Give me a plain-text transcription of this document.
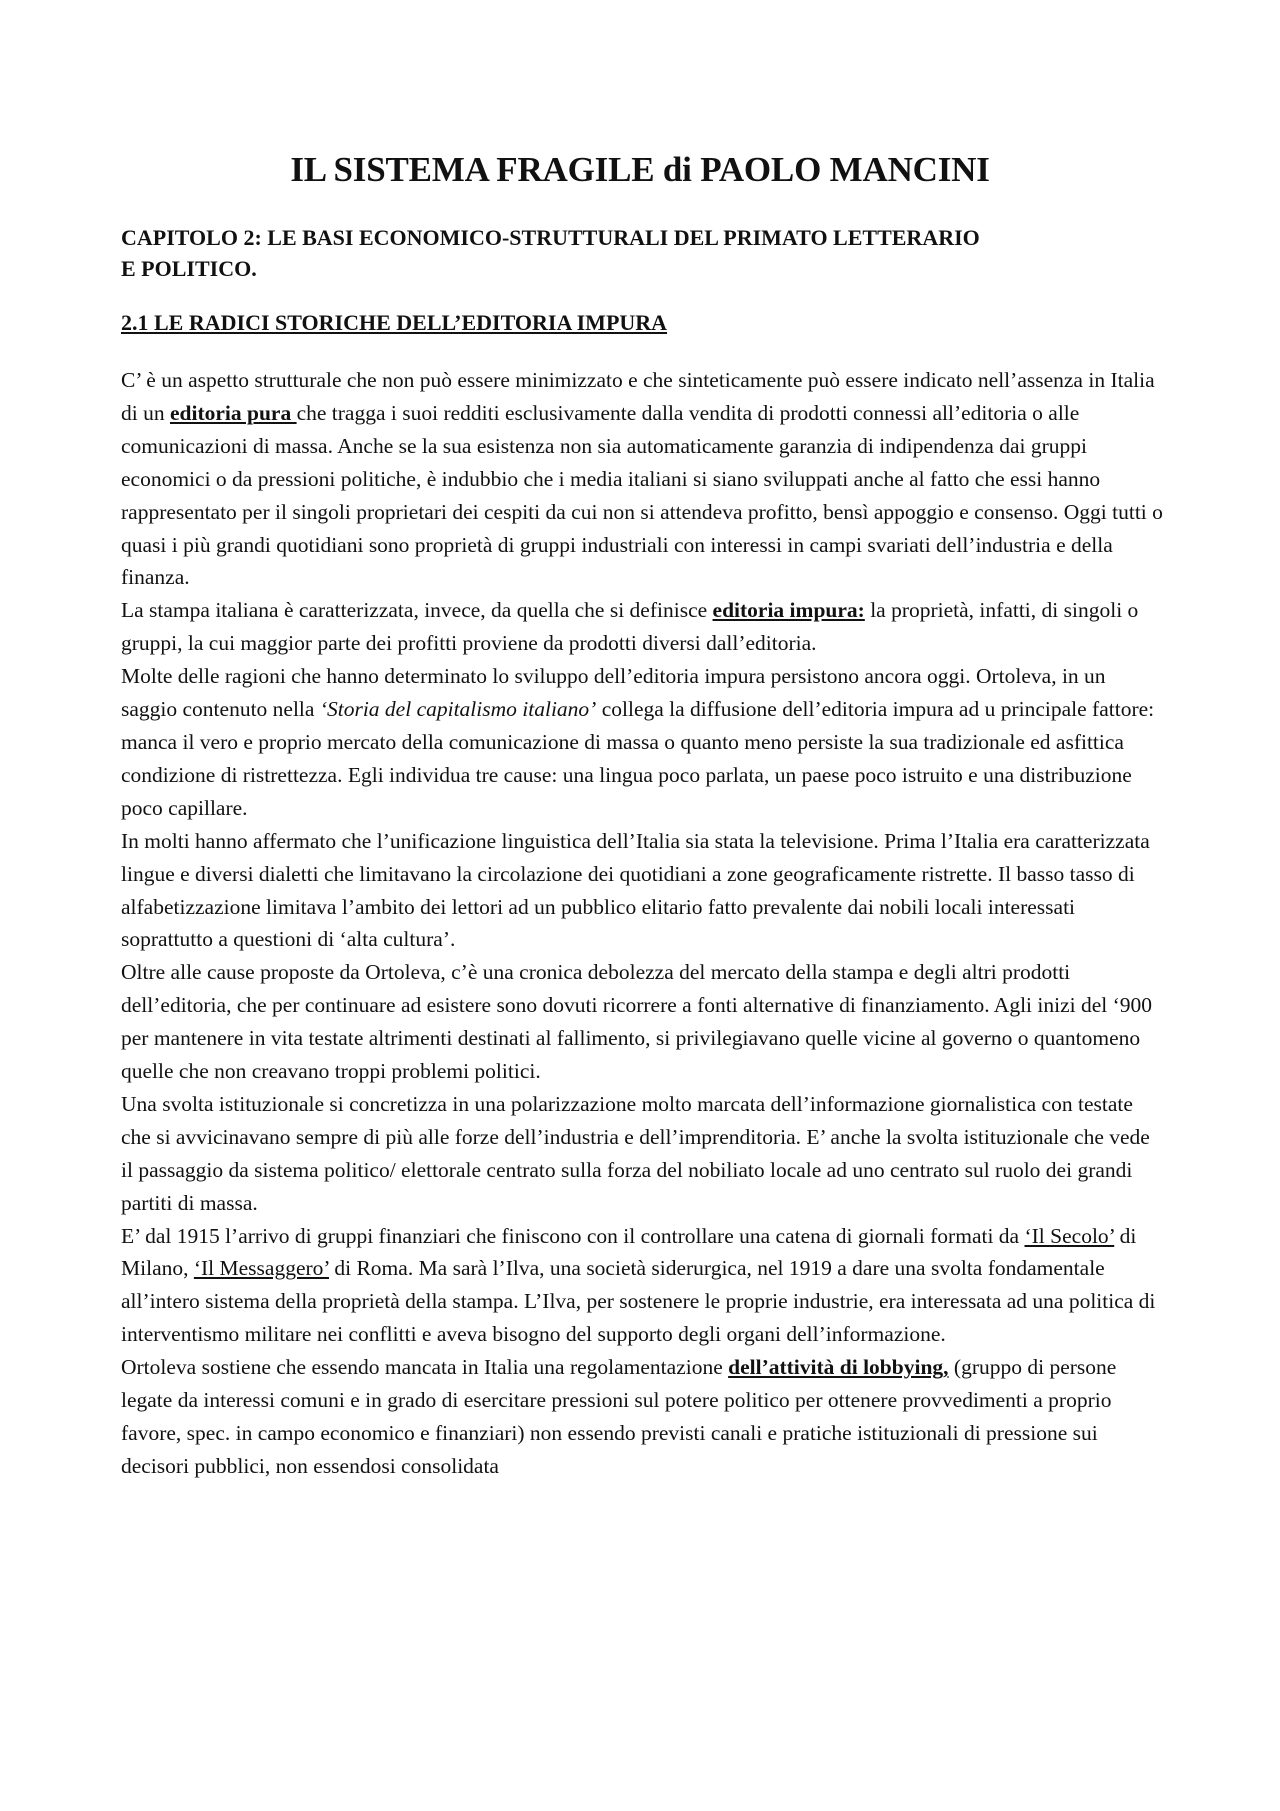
IL SISTEMA FRAGILE di PAOLO MANCINI
CAPITOLO 2: LE BASI ECONOMICO-STRUTTURALI DEL PRIMATO LETTERARIO
E POLITICO.
2.1 LE RADICI STORICHE DELL’EDITORIA IMPURA

C’ è un aspetto strutturale che non può essere minimizzato e che sinteticamente può essere indicato nell’assenza in Italia di un editoria pura che tragga i suoi redditi esclusivamente dalla vendita di prodotti connessi all’editoria o alle comunicazioni di massa. Anche se la sua esistenza non sia automaticamente garanzia di indipendenza dai gruppi economici o da pressioni politiche, è indubbio che i media italiani si siano sviluppati anche al fatto che essi hanno rappresentato per il singoli proprietari dei cespiti da cui non si attendeva profitto, bensì appoggio e consenso. Oggi tutti o quasi i più grandi quotidiani sono proprietà di gruppi industriali con interessi in campi svariati dell’industria e della finanza.

La stampa italiana è caratterizzata, invece, da quella che si definisce editoria impura: la proprietà, infatti, di singoli o gruppi, la cui maggior parte dei profitti proviene da prodotti diversi dall’editoria.

Molte delle ragioni che hanno determinato lo sviluppo dell’editoria impura persistono ancora oggi. Ortoleva, in un saggio contenuto nella ‘Storia del capitalismo italiano’ collega la diffusione dell’editoria impura ad u principale fattore: manca il vero e proprio mercato della comunicazione di massa o quanto meno persiste la sua tradizionale ed asfittica condizione di ristrettezza. Egli individua tre cause: una lingua poco parlata, un paese poco istruito e una distribuzione poco capillare.

In molti hanno affermato che l’unificazione linguistica dell’Italia sia stata la televisione. Prima l’Italia era caratterizzata lingue e diversi dialetti che limitavano la circolazione dei quotidiani a zone geograficamente ristrette. Il basso tasso di alfabetizzazione limitava l’ambito dei lettori ad un pubblico elitario fatto prevalente dai nobili locali interessati soprattutto a questioni di ‘alta cultura’.

Oltre alle cause proposte da Ortoleva, c’è una cronica debolezza del mercato della stampa e degli altri prodotti dell’editoria, che per continuare ad esistere sono dovuti ricorrere a fonti alternative di finanziamento. Agli inizi del ‘900 per mantenere in vita testate altrimenti destinati al fallimento, si privilegiavano quelle vicine al governo o quantomeno quelle che non creavano troppi problemi politici.

Una svolta istituzionale si concretizza in una polarizzazione molto marcata dell’informazione giornalistica con testate che si avvicinavano sempre di più alle forze dell’industria e dell’imprenditoria. E’ anche la svolta istituzionale che vede il passaggio da sistema politico/ elettorale centrato sulla forza del nobiliato locale ad uno centrato sul ruolo dei grandi partiti di massa.

E’ dal 1915 l’arrivo di gruppi finanziari che finiscono con il controllare una catena di giornali formati da ‘Il Secolo’ di Milano, ‘Il Messaggero’ di Roma. Ma sarà l’Ilva, una società siderurgica, nel 1919 a dare una svolta fondamentale all’intero sistema della proprietà della stampa. L’Ilva, per sostenere le proprie industrie, era interessata ad una politica di interventismo militare nei conflitti e aveva bisogno del supporto degli organi dell’informazione.

Ortoleva sostiene che essendo mancata in Italia una regolamentazione dell’attività di lobbying, (gruppo di persone legate da interessi comuni e in grado di esercitare pressioni sul potere politico per ottenere provvedimenti a proprio favore, spec. in campo economico e finanziari) non essendo previsti canali e pratiche istituzionali di pressione sui decisori pubblici, non essendosi consolidata
